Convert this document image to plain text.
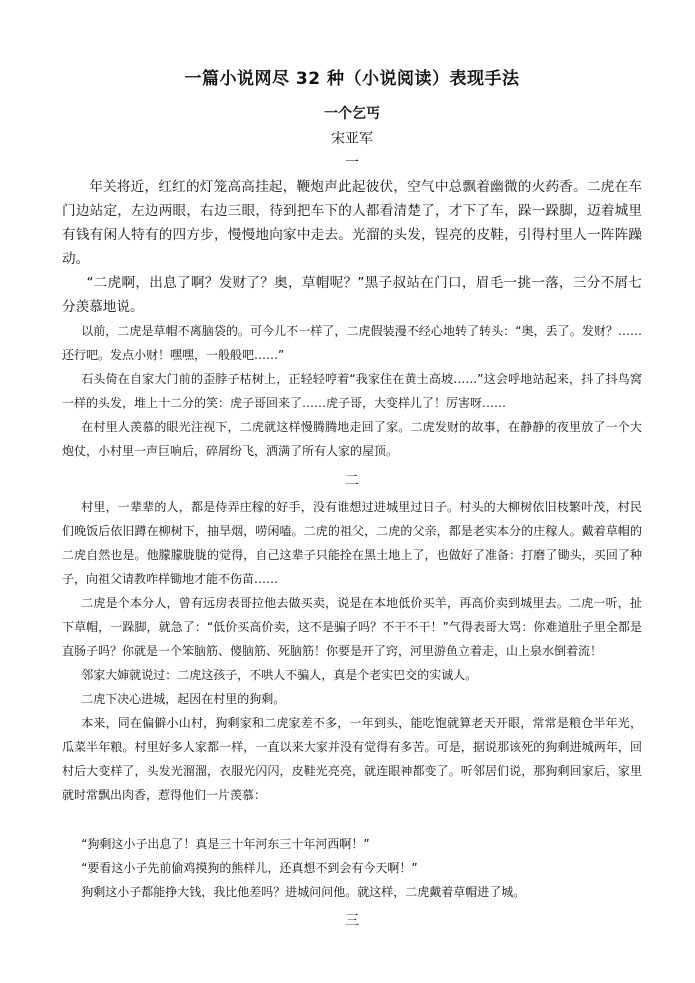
一篇小说网尽 32 种（小说阅读）表现手法
一个乞丐
宋亚军
一

年关将近，红红的灯笼高高挂起，鞭炮声此起彼伏，空气中总飘着幽微的火药香。二虎在车门边站定，左边两眼，右边三眼，待到把车下的人都看清楚了，才下了车，跺一跺脚，迈着城里有钱有闲人特有的四方步，慢慢地向家中走去。光溜的头发，锃亮的皮鞋，引得村里人一阵阵躁动。

“二虎啊，出息了啊？发财了？奥，草帽呢？”黑子叔站在门口，眉毛一挑一落，三分不屑七分羡慕地说。

以前，二虎是草帽不离脑袋的。可今儿不一样了，二虎假装漫不经心地转了转头：“奥，丢了。发财？……还行吧。发点小财！嘿嘿，一般般吧……”

石头倚在自家大门前的歪脖子枯树上，正轻轻哼着“我家住在黄土高坡……”这会呼地站起来，抖了抖鸟窝一样的头发，堆上十二分的笑：虎子哥回来了……虎子哥，大变样儿了！厉害呀……

在村里人羡慕的眼光注视下，二虎就这样慢腾腾地走回了家。二虎发财的故事，在静静的夜里放了一个大炮仗，小村里一声巨响后，碎屑纷飞，洒满了所有人家的屋顶。

二

村里，一辈辈的人，都是侍弄庄稼的好手，没有谁想过进城里过日子。村头的大柳树依旧枝繁叶茂，村民们晚饭后依旧蹲在柳树下，抽旱烟，唠闲嗑。二虎的祖父，二虎的父亲，都是老实本分的庄稼人。戴着草帽的二虎自然也是。他朦朦胧胧的觉得，自己这辈子只能拴在黑土地上了，也做好了准备：打磨了锄头，买回了种子，向祖父请教咋样锄地才能不伤苗……

二虎是个本分人，曾有远房表哥拉他去做买卖，说是在本地低价买羊，再高价卖到城里去。二虎一听，扯下草帽，一跺脚，就急了：“低价买高价卖，这不是骗子吗？不干不干！”气得表哥大骂：你难道肚子里全都是直肠子吗？你就是一个笨脑筋、傻脑筋、死脑筋！你要是开了窍，河里游鱼立着走，山上泉水倒着流！

邻家大婶就说过：二虎这孩子，不哄人不骗人，真是个老实巴交的实诚人。

二虎下决心进城，起因在村里的狗剩。

本来，同在偏僻小山村，狗剩家和二虎家差不多，一年到头，能吃饱就算老天开眼，常常是粮仓半年光，瓜菜半年粮。村里好多人家都一样，一直以来大家并没有觉得有多苦。可是，据说那该死的狗剩进城两年，回村后大变样了，头发光溜溜，衣服光闪闪，皮鞋光亮亮，就连眼神都变了。听邻居们说，那狗剩回家后，家里就时常飘出肉香，惹得他们一片羡慕：

“狗剩这小子出息了！真是三十年河东三十年河西啊！”

“要看这小子先前偷鸡摸狗的熊样儿，还真想不到会有今天啊！”

狗剩这小子都能挣大钱，我比他差吗？进城问问他。就这样，二虎戴着草帽进了城。

三
